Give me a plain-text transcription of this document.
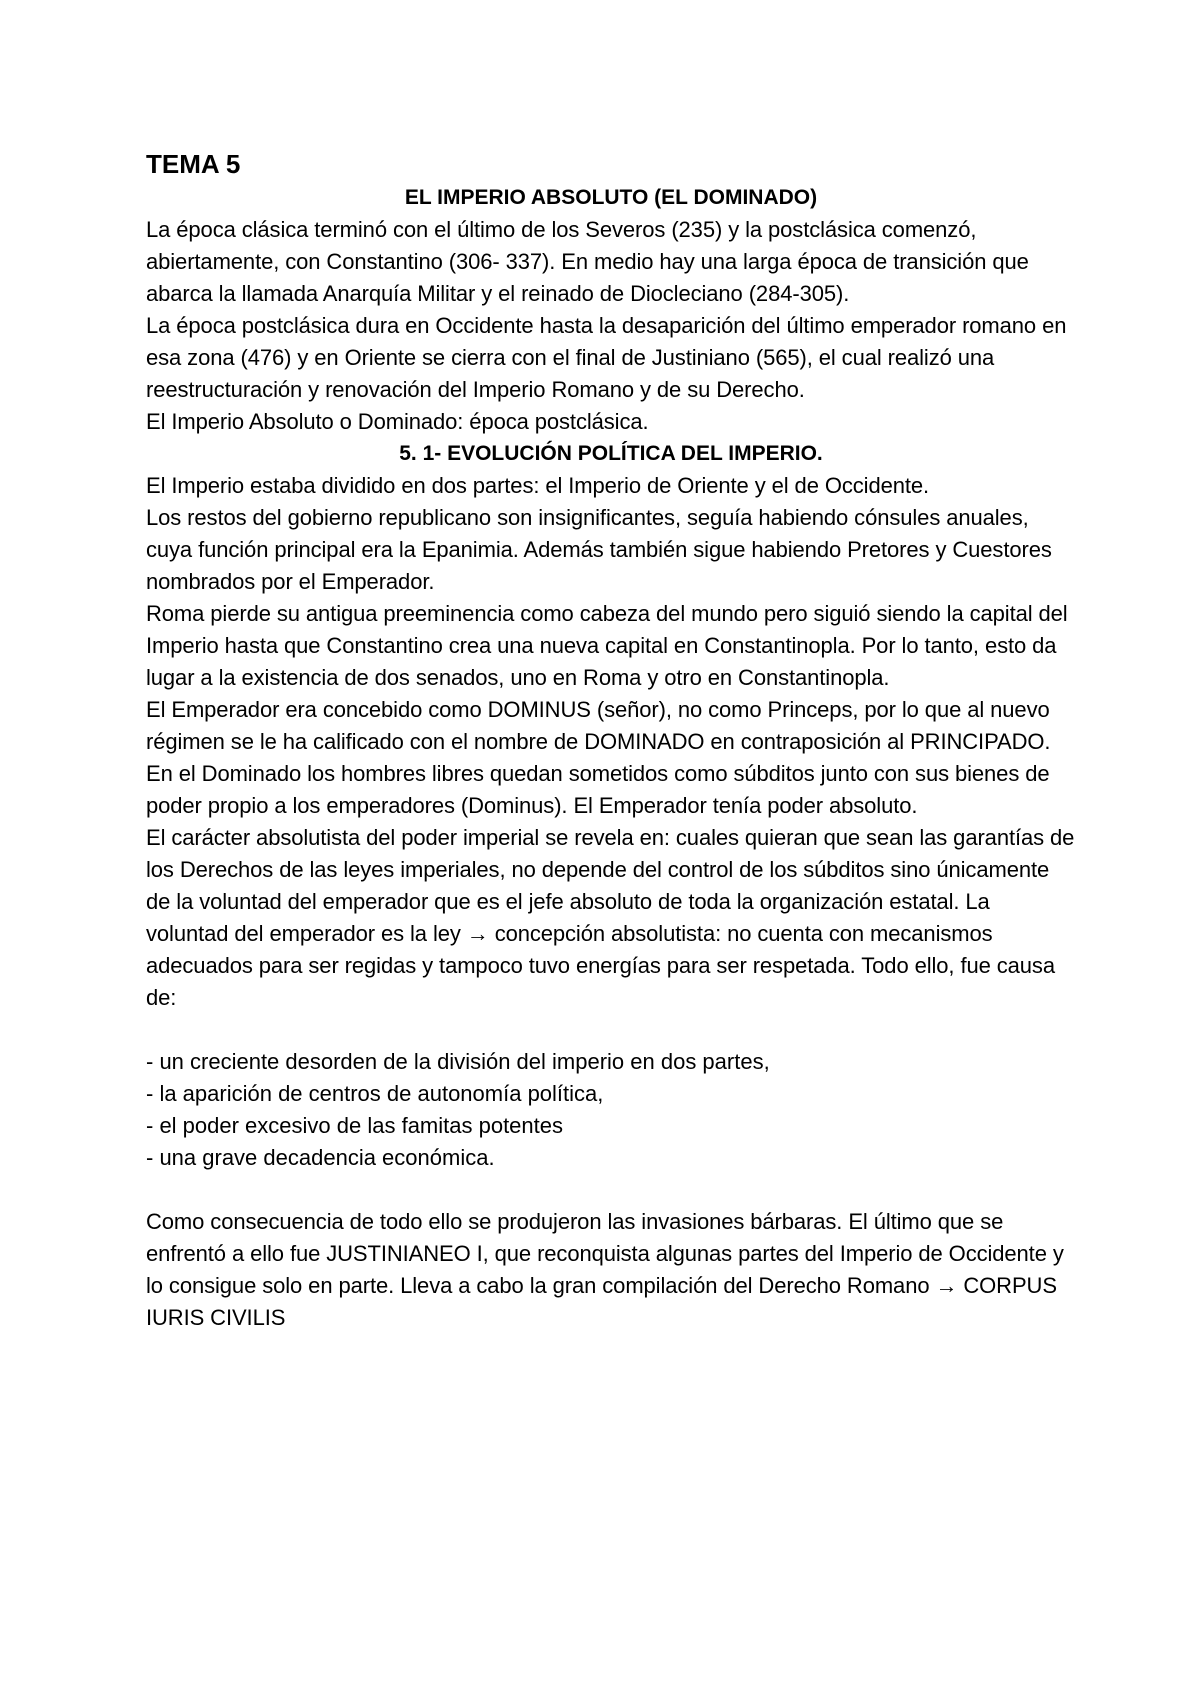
TEMA 5
EL IMPERIO ABSOLUTO (EL DOMINADO)

La época clásica terminó con el último de los Severos (235) y la postclásica comenzó, abiertamente, con Constantino (306- 337). En medio hay una larga época de transición que abarca la llamada Anarquía Militar y el reinado de Diocleciano (284-305).

La época postclásica dura en Occidente hasta la desaparición del último emperador romano en esa zona (476) y en Oriente se cierra con el final de Justiniano (565), el cual realizó una reestructuración y renovación del Imperio Romano y de su Derecho.

El Imperio Absoluto o Dominado: época postclásica.

5. 1- EVOLUCIÓN POLÍTICA DEL IMPERIO.

El Imperio estaba dividido en dos partes: el Imperio de Oriente y el de Occidente.

Los restos del gobierno republicano son insignificantes, seguía habiendo cónsules anuales, cuya función principal era la Epanimia. Además también sigue habiendo Pretores y Cuestores nombrados por el Emperador.

Roma pierde su antigua preeminencia como cabeza del mundo pero siguió siendo la capital del Imperio hasta que Constantino crea una nueva capital en Constantinopla. Por lo tanto, esto da lugar a la existencia de dos senados, uno en Roma y otro en Constantinopla.

El Emperador era concebido como DOMINUS (señor), no como Princeps, por lo que al nuevo régimen se le ha calificado con el nombre de DOMINADO en contraposición al PRINCIPADO.

En el Dominado los hombres libres quedan sometidos como súbditos junto con sus bienes de poder propio a los emperadores (Dominus). El Emperador tenía poder absoluto.

El carácter absolutista del poder imperial se revela en: cuales quieran que sean las garantías de los Derechos de las leyes imperiales, no depende del control de los súbditos sino únicamente de la voluntad del emperador que es el jefe absoluto de toda la organización estatal. La voluntad del emperador es la ley → concepción absolutista: no cuenta con mecanismos adecuados para ser regidas y tampoco tuvo energías para ser respetada. Todo ello, fue causa de:

- un creciente desorden de la división del imperio en dos partes,
- la aparición de centros de autonomía política,
- el poder excesivo de las famitas potentes
- una grave decadencia económica.

Como consecuencia de todo ello se produjeron las invasiones bárbaras. El último que se enfrentó a ello fue JUSTINIANEO I, que reconquista algunas partes del Imperio de Occidente y lo consigue solo en parte. Lleva a cabo la gran compilación del Derecho Romano → CORPUS IURIS CIVILIS
